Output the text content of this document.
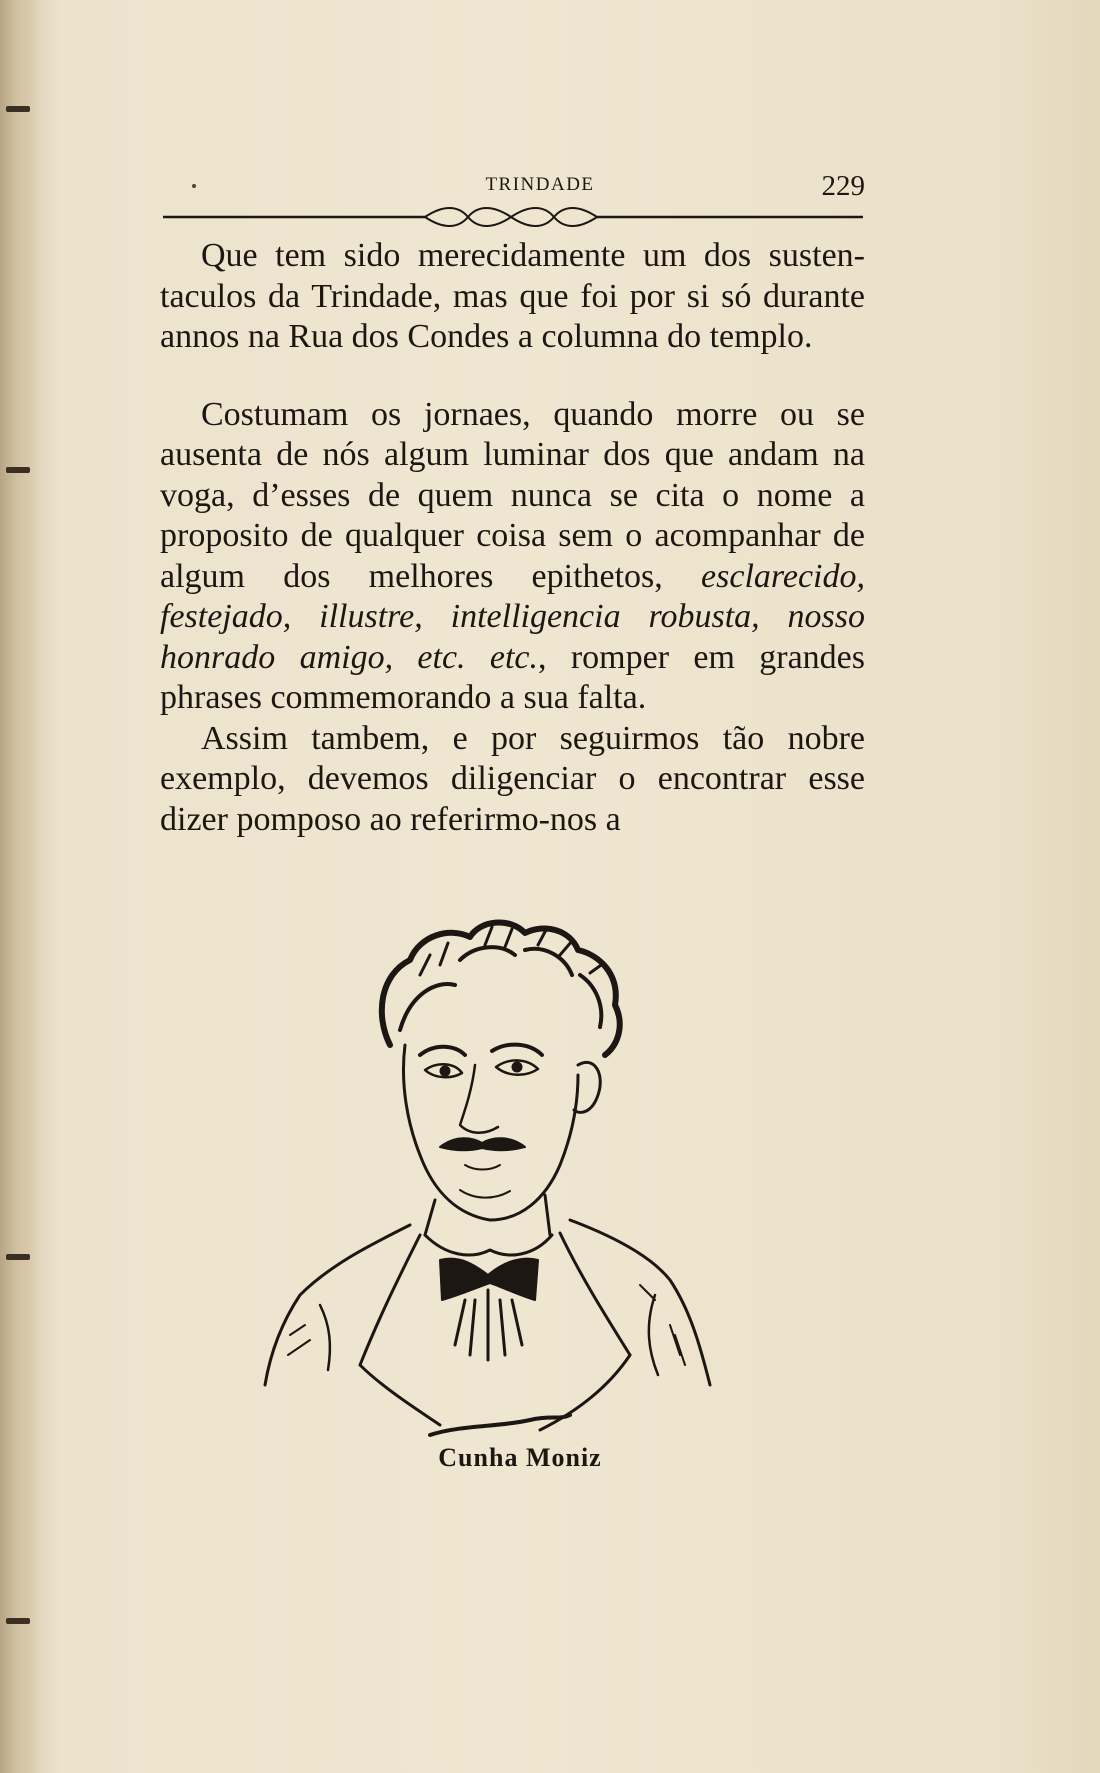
TRINDADE	229

Que tem sido merecidamente um dos sustentaculos da Trindade, mas que foi por si só durante annos na Rua dos Condes a columna do templo.

Costumam os jornaes, quando morre ou se ausenta de nós algum luminar dos que andam na voga, d’esses de quem nunca se cita o nome a proposito de qualquer coisa sem o acompanhar de algum dos melhores epithetos, esclarecido, festejado, illustre, intelligencia robusta, nosso honrado amigo, etc. etc., romper em grandes phrases commemorando a sua falta.

Assim tambem, e por seguirmos tão nobre exemplo, devemos diligenciar o encontrar esse dizer pomposo ao referirmo-nos a

Cunha Moniz
